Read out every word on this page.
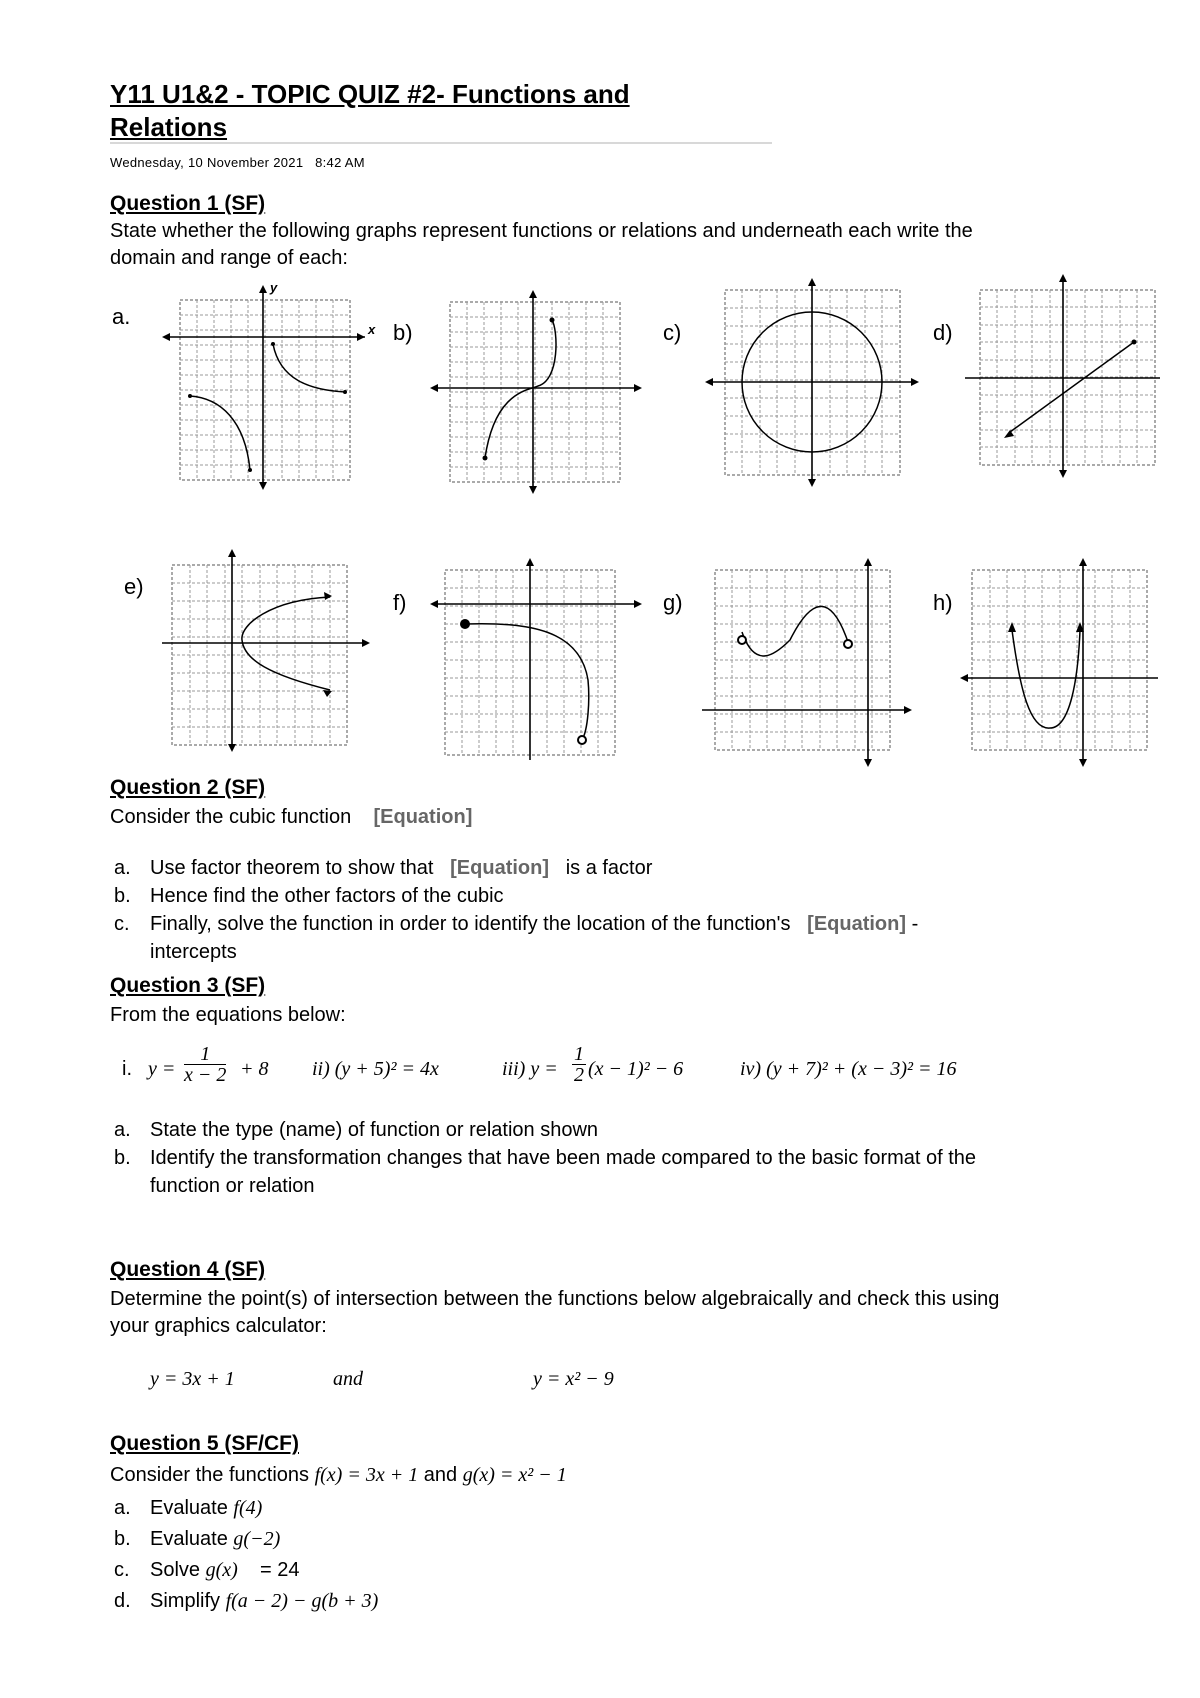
Y11 U1&2 - TOPIC QUIZ #2- Functions and
Relations
Wednesday, 10 November 2021 8:42 AM
Question 1 (SF)
State whether the following graphs represent functions or relations and underneath each write the
domain and range of each:
a.
b)	c)	d)
e)
f)	g)	h)
x
y
Question 2 (SF)
Consider the cubic function [Equation]
a. Use factor theorem to show that [Equation] is a factor
b. Hence find the other factors of the cubic
c. Finally, solve the function in order to identify the location of the function's [Equation] -
intercepts
Question 3 (SF)
From the equations below:
i. $y = \frac{1}{x - 2} + 8$ ii) (y + 5)² = 4x	iii) $y = \frac{1}{2} (x - 1)^2 - 6$	iv) (y + 7)² + (x − 3)² = 16
a. State the type (name) of function or relation shown
b. Identify the transformation changes that have been made compared to the basic format of the
function or relation
Question 4 (SF)
Determine the point(s) of intersection between the functions below algebraically and check this using
your graphics calculator:
y = 3x + 1	and	y = x² − 9
Question 5 (SF/CF)
Consider the functions f(x) = 3x + 1 and g(x) = x² − 1
a. Evaluate f(4)
b. Evaluate g(−2)
c. Solve g(x) = 24
d. Simplify f(a − 2) − g(b + 3)
